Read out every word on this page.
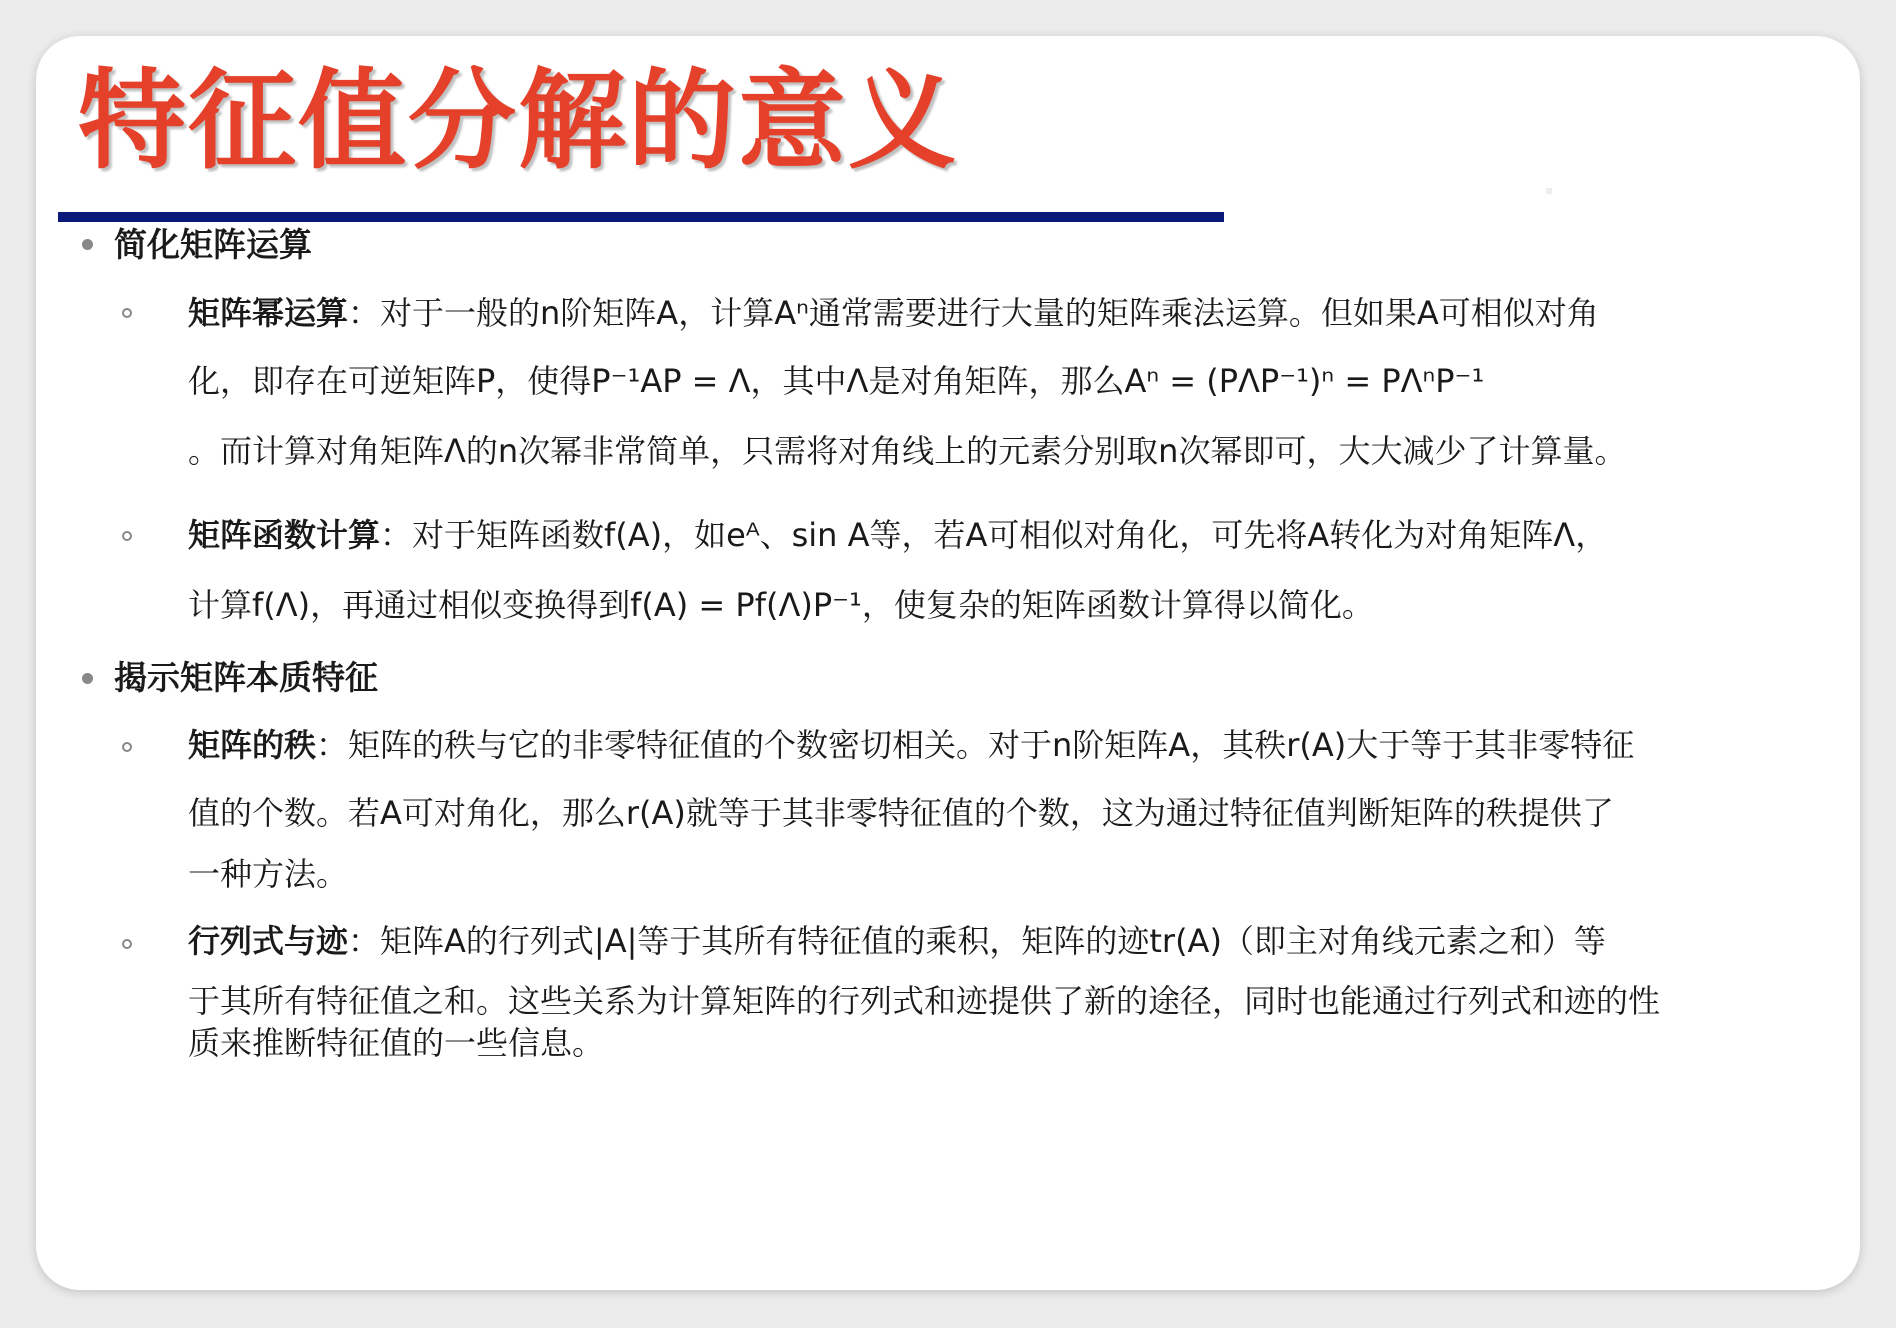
特征值分解的意义
简化矩阵运算
矩阵幂运算：对于一般的n阶矩阵A，计算Aⁿ通常需要进行大量的矩阵乘法运算。但如果A可相似对角
化，即存在可逆矩阵P，使得P⁻¹AP = Λ，其中Λ是对角矩阵，那么Aⁿ = (PΛP⁻¹)ⁿ = PΛⁿP⁻¹
。而计算对角矩阵Λ的n次幂非常简单，只需将对角线上的元素分别取n次幂即可，大大减少了计算量。
矩阵函数计算：对于矩阵函数f(A)，如eᴬ、sin A等，若A可相似对角化，可先将A转化为对角矩阵Λ，
计算f(Λ)，再通过相似变换得到f(A) = Pf(Λ)P⁻¹，使复杂的矩阵函数计算得以简化。
揭示矩阵本质特征
矩阵的秩：矩阵的秩与它的非零特征值的个数密切相关。对于n阶矩阵A，其秩r(A)大于等于其非零特征
值的个数。若A可对角化，那么r(A)就等于其非零特征值的个数，这为通过特征值判断矩阵的秩提供了
一种方法。
行列式与迹：矩阵A的行列式|A|等于其所有特征值的乘积，矩阵的迹tr(A)（即主对角线元素之和）等
于其所有特征值之和。这些关系为计算矩阵的行列式和迹提供了新的途径，同时也能通过行列式和迹的性
质来推断特征值的一些信息。
